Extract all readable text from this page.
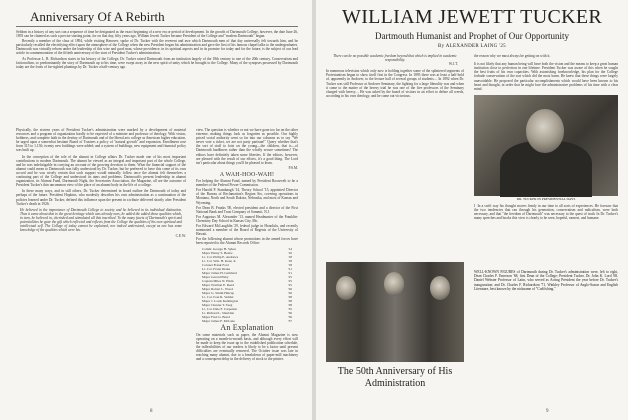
Anniversary Of A Rebirth

Seldom in a history of any sort can a sequence of time be designated as the exact beginning of a new era or period of development. In the growth of Dartmouth College, however, the date June 26, 1893 can be claimed as such a precise starting point, for on that day, fifty years ago, William Jewett Tucker became President of the College and "modern Dartmouth" began.

Recently a member of the class of 1894, while visiting Hanover, spoke of Dr. Tucker with the reverent and awe which Dartmouth men of that day universally felt towards him, and he particularly recalled the electrifying effect upon the atmosphere of the College when the new President began his administration and gave the first of his famous chapel talks to the undergraduates. Dartmouth was virtually reborn under the leadership of this wise and good man, whose providence, in its spiritual aspects and in its promise for today and for the future, is the subject of our lead article in commemoration of the fiftieth anniversary of the start of President Tucker's administration.

As Professor L. B. Richardson states in his history of the College, Dr. Tucker raised Dartmouth from an institution largely of the 18th century to one of the 20th century. Conservatism and factionalism, so predominantly the story of Dartmouth up to his time, were swept away in the new spirit of unity which he brought to the College. Many of the synopses possessed by Dartmouth today are the fruits of far-sighted plantings by Dr. Tucker a half-century ago.

Physically, the sixteen years of President Tucker's administration were marked by a development of material resources and a program of organization hardly to be expected of a minister and professor of theology. With vision, boldness, and complete faith in the destiny of Dartmouth and of the liberal arts college as American higher education, he urged upon a somewhat hesitant Board of Trustees a policy of "natural growth" and expansion. Enrollment rose from 315 to 1,136; twenty new buildings were added; and a system of buildings, new equipment and financial policy was built up.

In the conception of the role of the alumni in College affairs Dr. Tucker made one of his most important contributions to modern Dartmouth. The alumni he viewed as an integral and important part of the whole College, and he was indefatigable in carrying an account of the growing devotion to them. What the financial support of the alumni could mean to Dartmouth was fully understood by Dr. Tucker, but he preferred to have this come of its own accord and he was wisely certain that such support would naturally follow once the alumni felt themselves a continuing part of the College and understood its aims and problems. Dartmouth's present leadership in alumni organization, its Alumni Fund, Dartmouth Night, the Secretaries Association, the Magazine, all are the outcome of President Tucker's thin uncommon view of the place of an alumni body in the life of a college.

In these many ways, and in still others, Dr. Tucker determined in broad outline the Dartmouth of today and perhaps of the future. President Hopkins, who modestly describes his own administration as a continuation of the policies learned under Dr. Tucker, defined this influence upon the present in a tribute delivered shortly after President Tucker's death in 1926:

He believed in the importance of Dartmouth College to society and he believed in its individual distinction. Thus it came about that to the great heritage which was already ours, he added the added those qualities which, in turn, he believed in, cherished and stimulated all this inscribed. To the many facets of Dartmouth's spirit and potentialities he gave the gift which reflected and reflects from the College the qualities of his own spiritual and intellectual self. The College of today cannot be explained, nor indeed understood, except as one has some knowledge of the qualities which were his.

C.E.W.

view. The question is whether or not we have gone too far on the other extreme, making things look as forgotten as possible. Our highly priced social authority went so far into our columns as to say "We never vote a ticket, we are not party partisan!" Query whether that's the sort of stuff to foist on the young—the children, that is—of Dartmouth hardliners rather than the wholly secure sometimes! The editors have definitely taken some liberties. If the editors, however, are pleased with the result of our efforts, it's a good thing. The Lord isn't particular about things you'll be pleased to learn.

P.S.M.

A WAH-HOO-WAH!

For helping the Alumni Fund, named by President Roosevelt to be a member of the Federal Power Commission.

For Harold P. Stambaugh '14, Theory School '15, appointed Director of the Bureau of Reclamation's Region Six, covering operations in Montana, North and South Dakota, Nebraska, and most of Kansas and Wyoming.

For Dean B. Franks '00, elected president and a director of the First National Bank and Trust Company of Summit, N.J.

For Augustus M. Alexander '13, named Headmaster of the Franklin-Chemistry Day School in Kansas City, Mo.

For Edward McLaughlin '29, federal judge in Honolulu, and recently nominated a member of the Board of Regents of the University of Hawaii.

For the following alumni whose promotions in the armed forces have been reported to the Alumni Records Office:

Comdr. George H. Sykes	'14
Major Henry S. Beebe	'16
Lt. Col. Philip E. Andrews	'18
Lt. Col. Wm. H. Kent, Jr.	'18
Colonel Frank Ford	'18
Lt. Col. Franz Drake	'21
Major James H. Lumbard	'21
Major Gerard Ekby	'25
Captain Miles N. Elkin	'25
Major Norman E. Reed	'25
Major Robert L. Wood	'26
Major G. Smith Hincap	'26
Lt. Col. Ivan R. Vedder	'28
Major J. Louis Kunlington	'28
Major Chester T. Teeg	'28
Lt. Col. Dale F. Carpenter	'35
Lt. Richard L. Sheridan	'36
Major Fred G. Bond	'36
Major James F. McLane	'37

An Explanation

On some materials such as paper, the Alumni Magazine is now operating on a month-to-month basis, and although every effort will be made to keep the issue up to the established publication schedule, the inflexibilities of our readers is likely to be a factor until present difficulties are eventually removed. The October issue was late in reaching many alumni, due to a breakdown of paper-mill machinery and a consequent delay in the delivery of stock to the printer.

8
WILLIAM JEWETT TUCKER

Dartmouth Humanist and Prophet of Our Opportunity

By ALEXANDER LAING '25

There can be no possible academic freedom beyond that which is implied in academic responsibility.

W.J.T.

In numerous television which only now is holding together some of the splintered segments of Protestantism began to show itself first in the Congress. In 1893 there was at least a half-hold of, apparently in Andover, to the lecture hall of several groups of students.... In 1892 when Dr. Tucker was still Professor at Andover Seminary, the fighting for a large liberality was and when it came to the matter of the heresy trial he was one of the five professors of the Seminary charged with heresy.... He was asked by the board of visitors in an effort to define all creeds, according to his own theology, and he came out victorious.

the reason why we must always be getting on with it.

It is not likely that any human being will have both the vision and the means to keep a great human institution close to perfection in one lifetime. President Tucker was aware of this when he sought the best fruits of his own capacities. With astonishing foreknowledge, his plan for the College forbade conservatism of the sort which did the most harm. He knew that these things were largely unavoidable. He proposed the particular accomplishments which would have been known to his heart and thought, in order that he might face the administrative problems of his time with a clear mind.

DR. TUCKER IN PRESIDENTIAL DAYS

I  In a swift way his thought moves firmly in our time to all sorts of experiences. He foresaw that the two tendencies that ran through his generation, conservatism and radicalism, were both necessary, and that "the freedom of Dartmouth" was necessary to the quest of truth. In Dr. Tucker's many speeches and books this view is clearly to be seen, hopeful, earnest, and humane.

The 50th Anniversary of His Administration

WELL-KNOWN FIGURES of Dartmouth during Dr. Tucker's administration were, left to right, Dean Charles F. Emerson '68, first Dean of the College; President Tucker, Dr. John K. Lord '68, Daniel Webster Professor of Latin, who served as Acting President the year before Dr. Tucker's inauguration; and Dr. Charles F. Richardson '71, Winkley Professor of Anglo-Saxon and English Literature, best known by the nickname of "Codfishing."
9
